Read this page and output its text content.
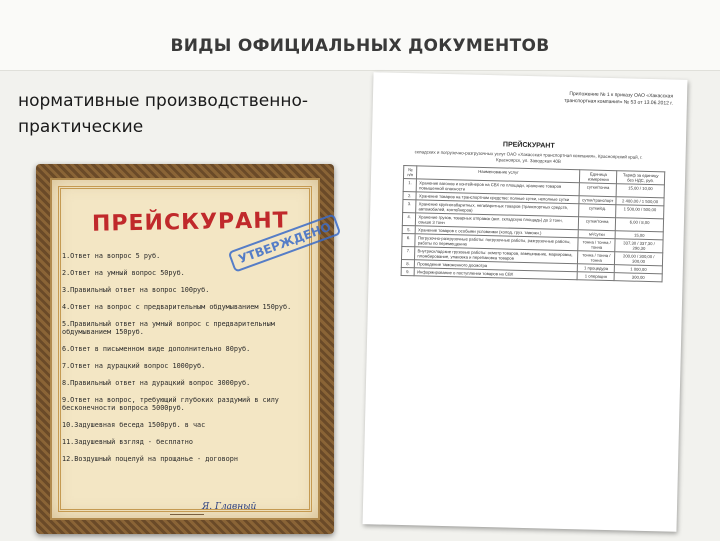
ВИДЫ ОФИЦИАЛЬНЫХ ДОКУМЕНТОВ
нормативные производственно-практические
ПРЕЙСКУРАНТ
УТВЕРЖДЕНО
1.Ответ на вопрос 5 руб.
2.Ответ на умный вопрос 50руб.
3.Правильный ответ на вопрос 100руб.
4.Ответ на вопрос с предварительным обдумыванием 150руб.
5.Правильный ответ на умный вопрос с предварительным обдумыванием 150руб.
6.Ответ в письменном виде дополнительно 80руб.
7.Ответ на дурацкий вопрос 1000руб.
8.Правильный ответ на дурацкий вопрос 3000руб.
9.Ответ на вопрос, требующий глубоких раздумий в силу бесконечности вопроса 5000руб.
10.Задушевная беседа 1500руб. в час
11.Задушевный взгляд - бесплатно
12.Воздушный поцелуй на прощанье - договорн
Я. Главный
Приложение № 1 к приказу ОАО «Хакасская транспортная компания» № 53 от 13.06.2012 г.
ПРЕЙСКУРАНТ
складских и погрузочно-разгрузочных услуг ОАО «Хакасская транспортная компания», Красноярский край, г. Красноярск, ул. Заводская 40В
№ п/п	Наименование услуг	Единица измерения	Тариф за единицу без НДС, руб.
1.	Хранение вагонов и контейнеров на СВХ по площади, хранение товаров повышенной опасности	сутки/тонна	15,00 / 10,00
2.	Хранение товаров на транспортном средстве: полные сутки, неполные сутки	сутки/транспорт	2 400,00 / 1 500,00
3.	Хранение крупногабаритных, негабаритных товаров (транспортных средств, автомобилей, контейнеров)	сутки/ед.	1 500,00 / 500,00
4.	Хранение грузов, товарных отправок (вкл. складскую площадь) до 3 тонн, свыше 3 тонн	сутки/тонна	6,00 / 8,00
5.	Хранение товаров с особыми условиями (холод, груз. таможн.)	м²/сутки	15,00
6.	Погрузочно-разгрузочные работы: погрузочные работы, разгрузочные работы, работы по перемещению	тонна / тонна / тонна	337,30 / 337,30 / 290,30
7.	Внутрискладские грузовые работы: осмотр товаров, взвешивание, маркировка, пломбирование, упаковка и перепаковка товаров	тонна / тонна / тонна	200,00 / 300,00 / 300,00
8.	Проведение таможенного досмотра	1 процедура	1 000,00
9.	Информирование о поступлении товаров на СВХ	1 операция	300,00
